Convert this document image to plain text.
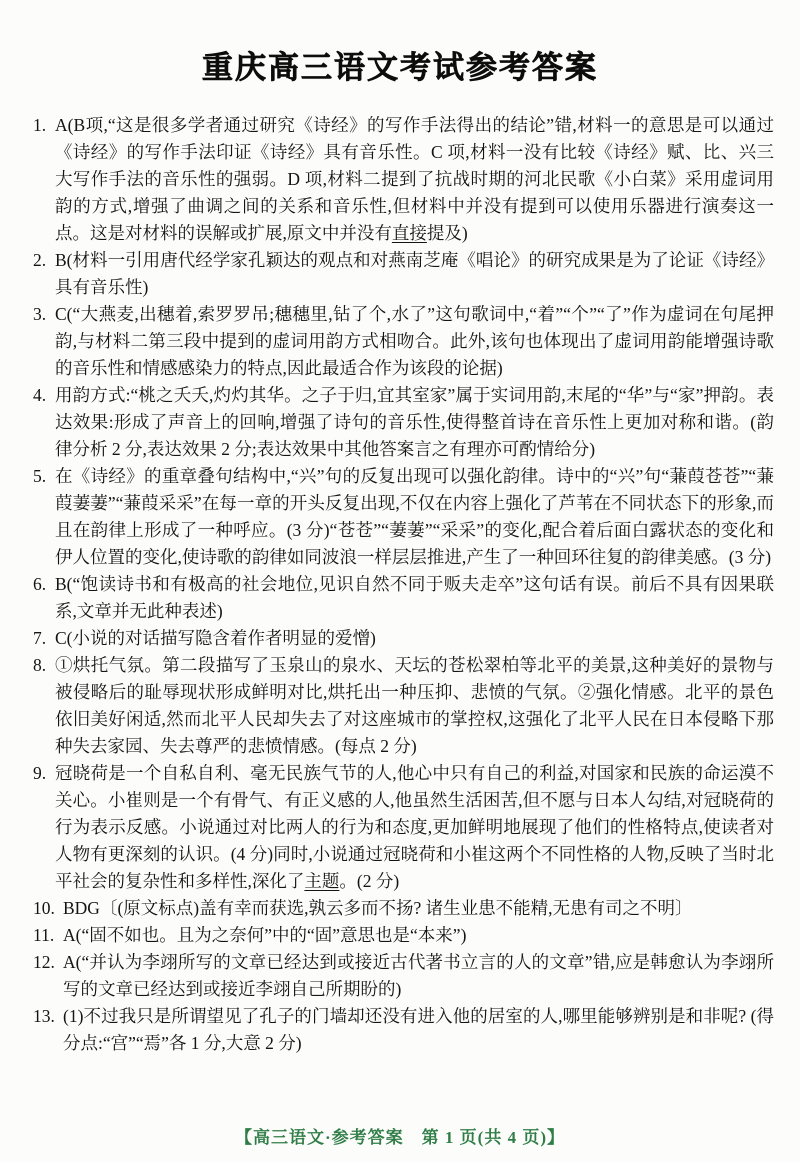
重庆高三语文考试参考答案
1. A(B项,“这是很多学者通过研究《诗经》的写作手法得出的结论”错,材料一的意思是可以通过《诗经》的写作手法印证《诗经》具有音乐性。C 项,材料一没有比较《诗经》赋、比、兴三大写作手法的音乐性的强弱。D 项,材料二提到了抗战时期的河北民歌《小白菜》采用虚词用韵的方式,增强了曲调之间的关系和音乐性,但材料中并没有提到可以使用乐器进行演奏这一点。这是对材料的误解或扩展,原文中并没有直接提及)
2. B(材料一引用唐代经学家孔颖达的观点和对燕南芝庵《唱论》的研究成果是为了论证《诗经》具有音乐性)
3. C(“大燕麦,出穗着,索罗罗吊;穗穗里,钻了个,水了”这句歌词中,“着”“个”“了”作为虚词在句尾押韵,与材料二第三段中提到的虚词用韵方式相吻合。此外,该句也体现出了虚词用韵能增强诗歌的音乐性和情感感染力的特点,因此最适合作为该段的论据)
4. 用韵方式:“桃之夭夭,灼灼其华。之子于归,宜其室家”属于实词用韵,末尾的“华”与“家”押韵。表达效果:形成了声音上的回响,增强了诗句的音乐性,使得整首诗在音乐性上更加对称和谐。(韵律分析 2 分,表达效果 2 分;表达效果中其他答案言之有理亦可酌情给分)
5. 在《诗经》的重章叠句结构中,“兴”句的反复出现可以强化韵律。诗中的“兴”句“蒹葭苍苍”“蒹葭萋萋”“蒹葭采采”在每一章的开头反复出现,不仅在内容上强化了芦苇在不同状态下的形象,而且在韵律上形成了一种呼应。(3 分)“苍苍”“萋萋”“采采”的变化,配合着后面白露状态的变化和伊人位置的变化,使诗歌的韵律如同波浪一样层层推进,产生了一种回环往复的韵律美感。(3 分)
6. B(“饱读诗书和有极高的社会地位,见识自然不同于贩夫走卒”这句话有误。前后不具有因果联系,文章并无此种表述)
7. C(小说的对话描写隐含着作者明显的爱憎)
8. ①烘托气氛。第二段描写了玉泉山的泉水、天坛的苍松翠柏等北平的美景,这种美好的景物与被侵略后的耻辱现状形成鲜明对比,烘托出一种压抑、悲愤的气氛。②强化情感。北平的景色依旧美好闲适,然而北平人民却失去了对这座城市的掌控权,这强化了北平人民在日本侵略下那种失去家园、失去尊严的悲愤情感。(每点 2 分)
9. 冠晓荷是一个自私自利、毫无民族气节的人,他心中只有自己的利益,对国家和民族的命运漠不关心。小崔则是一个有骨气、有正义感的人,他虽然生活困苦,但不愿与日本人勾结,对冠晓荷的行为表示反感。小说通过对比两人的行为和态度,更加鲜明地展现了他们的性格特点,使读者对人物有更深刻的认识。(4 分)同时,小说通过冠晓荷和小崔这两个不同性格的人物,反映了当时北平社会的复杂性和多样性,深化了主题。(2 分)
10. BDG〔(原文标点)盖有幸而获选,孰云多而不扬? 诸生业患不能精,无患有司之不明〕
11. A(“固不如也。且为之奈何”中的“固”意思也是“本来”)
12. A(“并认为李翊所写的文章已经达到或接近古代著书立言的人的文章”错,应是韩愈认为李翊所写的文章已经达到或接近李翊自己所期盼的)
13. (1)不过我只是所谓望见了孔子的门墙却还没有进入他的居室的人,哪里能够辨别是和非呢? (得分点:“宫”“焉”各 1 分,大意 2 分)
【高三语文·参考答案　第 1 页(共 4 页)】
